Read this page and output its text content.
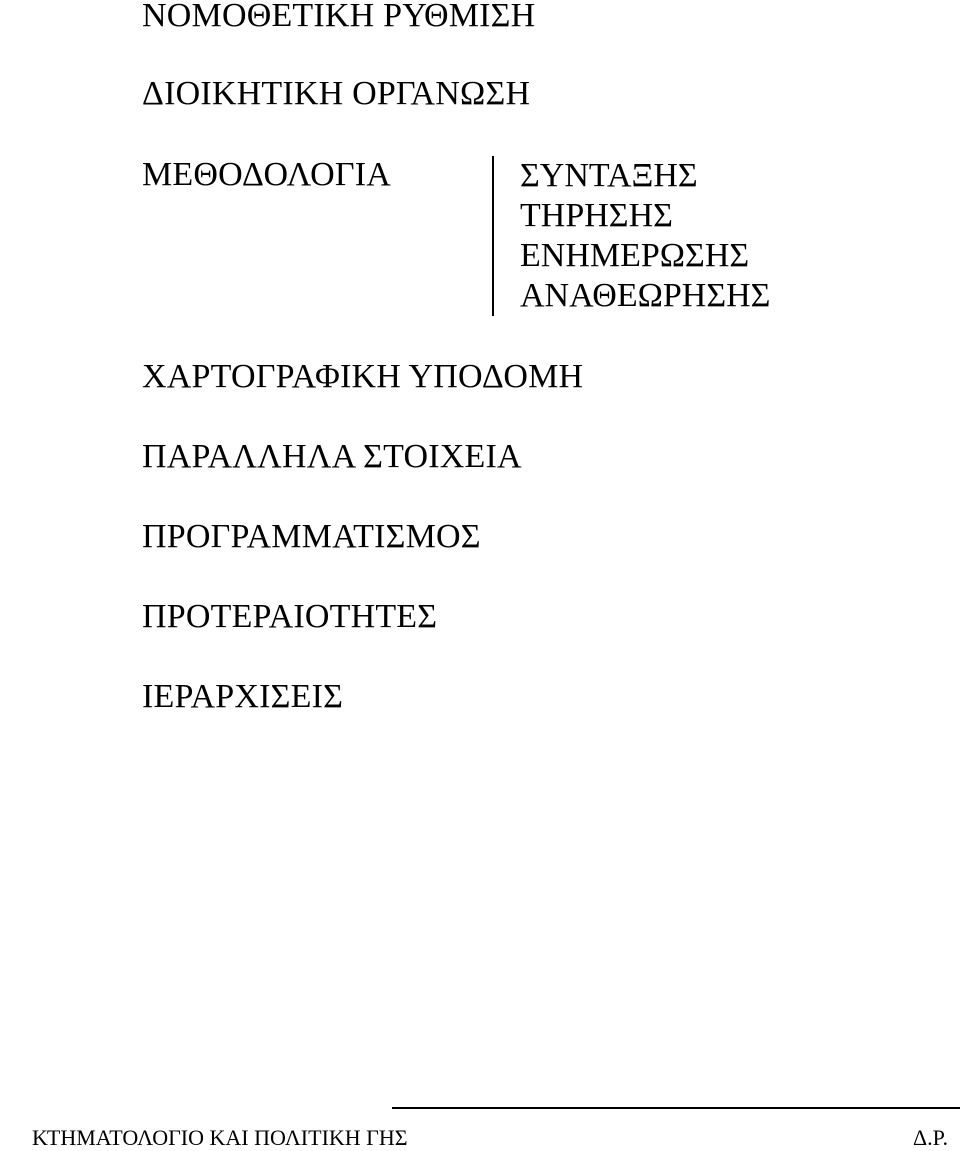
ΝΟΜΟΘΕΤΙΚΗ ΡΥΘΜΙΣΗ
ΔΙΟΙΚΗΤΙΚΗ ΟΡΓΑΝΩΣΗ
ΜΕΘΟΔΟΛΟΓΙΑ	ΣΥΝΤΑΞΗΣ
ΤΗΡΗΣΗΣ
ΕΝΗΜΕΡΩΣΗΣ
ΑΝΑΘΕΩΡΗΣΗΣ
ΧΑΡΤΟΓΡΑΦΙΚΗ ΥΠΟΔΟΜΗ
ΠΑΡΑΛΛΗΛΑ ΣΤΟΙΧΕΙΑ
ΠΡΟΓΡΑΜΜΑΤΙΣΜΟΣ
ΠΡΟΤΕΡΑΙΟΤΗΤΕΣ
ΙΕΡΑΡΧΙΣΕΙΣ
ΚΤΗΜΑΤΟΛΟΓΙΟ ΚΑΙ ΠΟΛΙΤΙΚΗ ΓΗΣ	Δ.Ρ.
